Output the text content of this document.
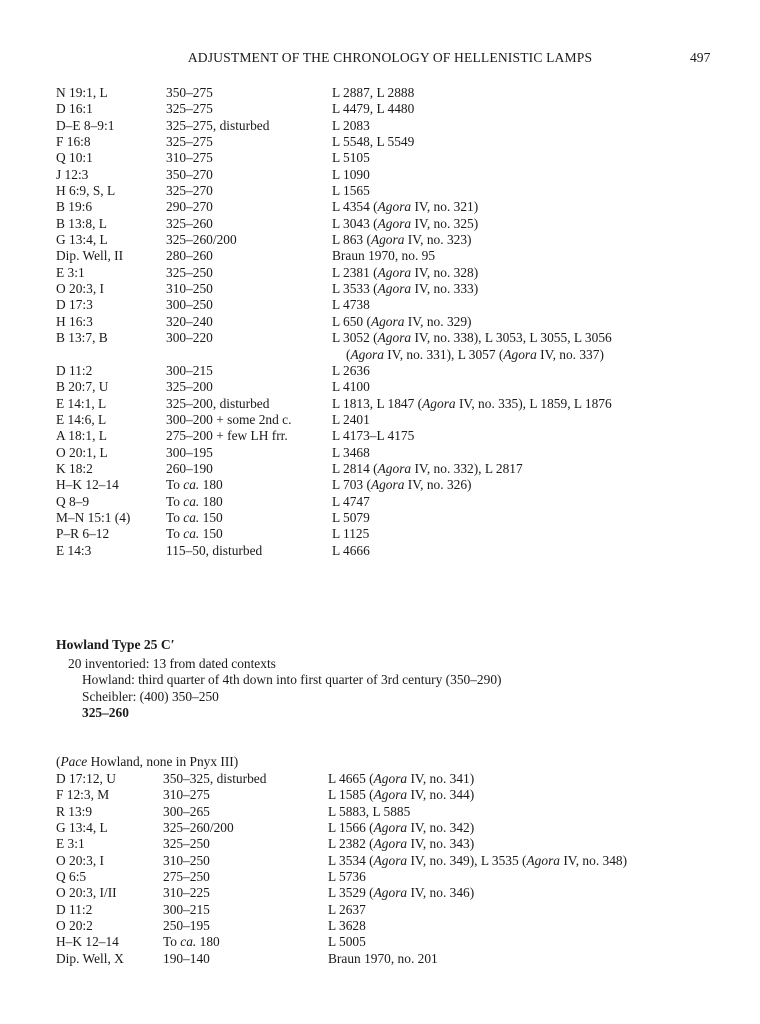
ADJUSTMENT OF THE CHRONOLOGY OF HELLENISTIC LAMPS	497
N 19:1, L	350–275	L 2887, L 2888
D 16:1	325–275	L 4479, L 4480
D–E 8–9:1	325–275, disturbed	L 2083
F 16:8	325–275	L 5548, L 5549
Q 10:1	310–275	L 5105
J 12:3	350–270	L 1090
H 6:9, S, L	325–270	L 1565
B 19:6	290–270	L 4354 (Agora IV, no. 321)
B 13:8, L	325–260	L 3043 (Agora IV, no. 325)
G 13:4, L	325–260/200	L 863 (Agora IV, no. 323)
Dip. Well, II	280–260	Braun 1970, no. 95
E 3:1	325–250	L 2381 (Agora IV, no. 328)
O 20:3, I	310–250	L 3533 (Agora IV, no. 333)
D 17:3	300–250	L 4738
H 16:3	320–240	L 650 (Agora IV, no. 329)
B 13:7, B	300–220	L 3052 (Agora IV, no. 338), L 3053, L 3055, L 3056
(Agora IV, no. 331), L 3057 (Agora IV, no. 337)
D 11:2	300–215	L 2636
B 20:7, U	325–200	L 4100
E 14:1, L	325–200, disturbed	L 1813, L 1847 (Agora IV, no. 335), L 1859, L 1876
E 14:6, L	300–200 + some 2nd c.	L 2401
A 18:1, L	275–200 + few LH frr.	L 4173–L 4175
O 20:1, L	300–195	L 3468
K 18:2	260–190	L 2814 (Agora IV, no. 332), L 2817
H–K 12–14	To ca. 180	L 703 (Agora IV, no. 326)
Q 8–9	To ca. 180	L 4747
M–N 15:1 (4)	To ca. 150	L 5079
P–R 6–12	To ca. 150	L 1125
E 14:3	115–50, disturbed	L 4666
Howland Type 25 C′
20 inventoried: 13 from dated contexts
Howland: third quarter of 4th down into first quarter of 3rd century (350–290)
Scheibler: (400) 350–250
325–260
(Pace Howland, none in Pnyx III)
D 17:12, U	350–325, disturbed	L 4665 (Agora IV, no. 341)
F 12:3, M	310–275	L 1585 (Agora IV, no. 344)
R 13:9	300–265	L 5883, L 5885
G 13:4, L	325–260/200	L 1566 (Agora IV, no. 342)
E 3:1	325–250	L 2382 (Agora IV, no. 343)
O 20:3, I	310–250	L 3534 (Agora IV, no. 349), L 3535 (Agora IV, no. 348)
Q 6:5	275–250	L 5736
O 20:3, I/II	310–225	L 3529 (Agora IV, no. 346)
D 11:2	300–215	L 2637
O 20:2	250–195	L 3628
H–K 12–14	To ca. 180	L 5005
Dip. Well, X	190–140	Braun 1970, no. 201
